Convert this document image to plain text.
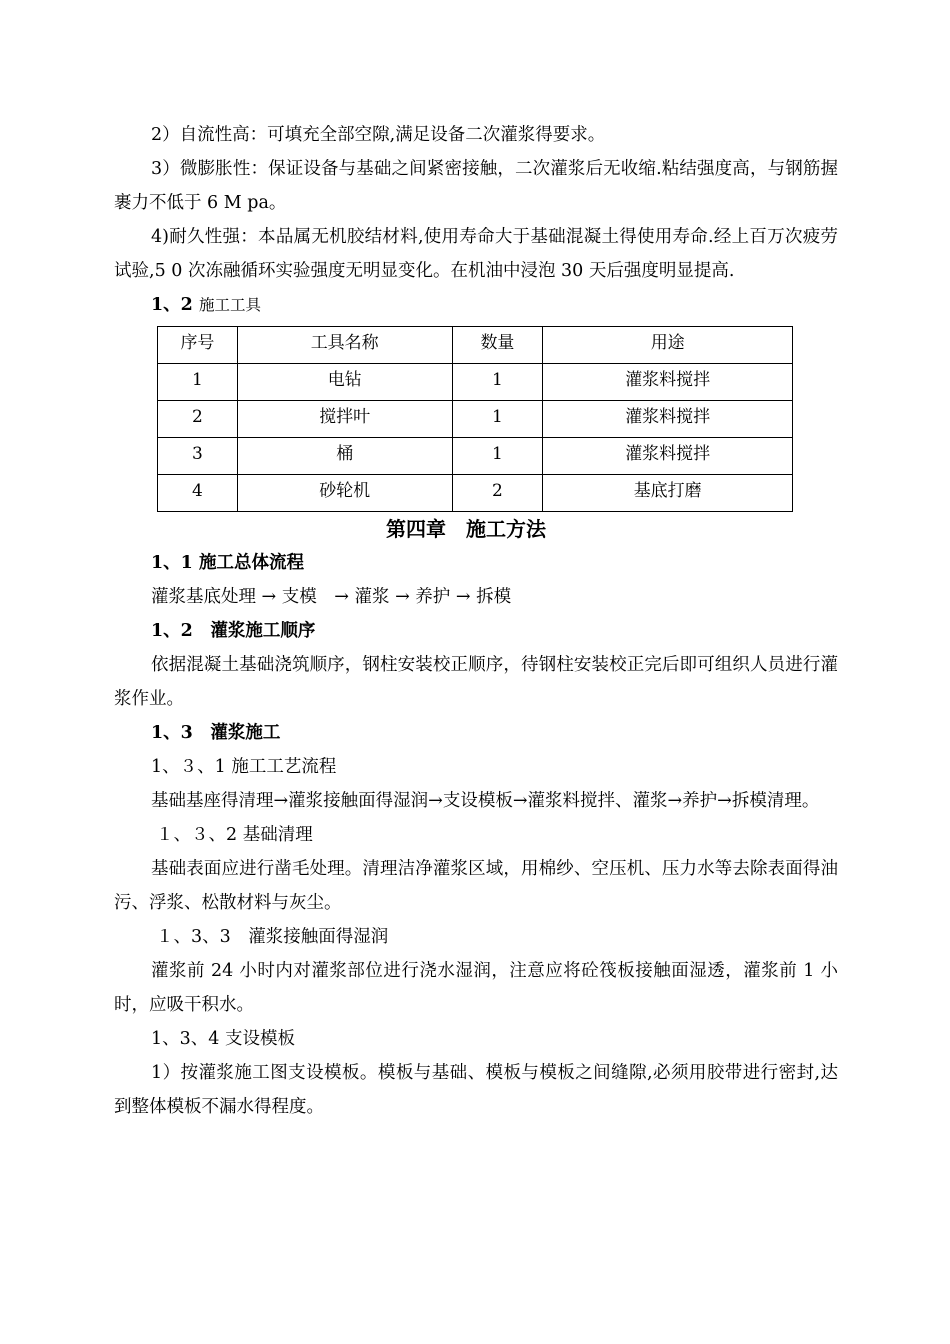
2）自流性高：可填充全部空隙,满足设备二次灌浆得要求。

3）微膨胀性：保证设备与基础之间紧密接触，二次灌浆后无收缩.粘结强度高，与钢筋握裹力不低于 6 M pa。

4)耐久性强：本品属无机胶结材料,使用寿命大于基础混凝土得使用寿命.经上百万次疲劳试验,5 0 次冻融循环实验强度无明显变化。在机油中浸泡 30 天后强度明显提高.

1、2 施工工具

序号	工具名称	数量	用途
1	电钻	1	灌浆料搅拌
2	搅拌叶	1	灌浆料搅拌
3	桶	1	灌浆料搅拌
4	砂轮机	2	基底打磨

第四章　施工方法

1、1 施工总体流程

灌浆基底处理 → 支模　→ 灌浆 → 养护 → 拆模

1、2　灌浆施工顺序

依据混凝土基础浇筑顺序，钢柱安装校正顺序，待钢柱安装校正完后即可组织人员进行灌浆作业。

1、3　灌浆施工

1、３、1 施工工艺流程

基础基座得清理→灌浆接触面得湿润→支设模板→灌浆料搅拌、灌浆→养护→拆模清理。

１、３、2 基础清理

基础表面应进行凿毛处理。清理洁净灌浆区域，用棉纱、空压机、压力水等去除表面得油污、浮浆、松散材料与灰尘。

１、3、3　灌浆接触面得湿润

灌浆前 24 小时内对灌浆部位进行浇水湿润，注意应将砼筏板接触面湿透，灌浆前 1 小时，应吸干积水。

1、3、4 支设模板

1）按灌浆施工图支设模板。模板与基础、模板与模板之间缝隙,必须用胶带进行密封,达到整体模板不漏水得程度。
